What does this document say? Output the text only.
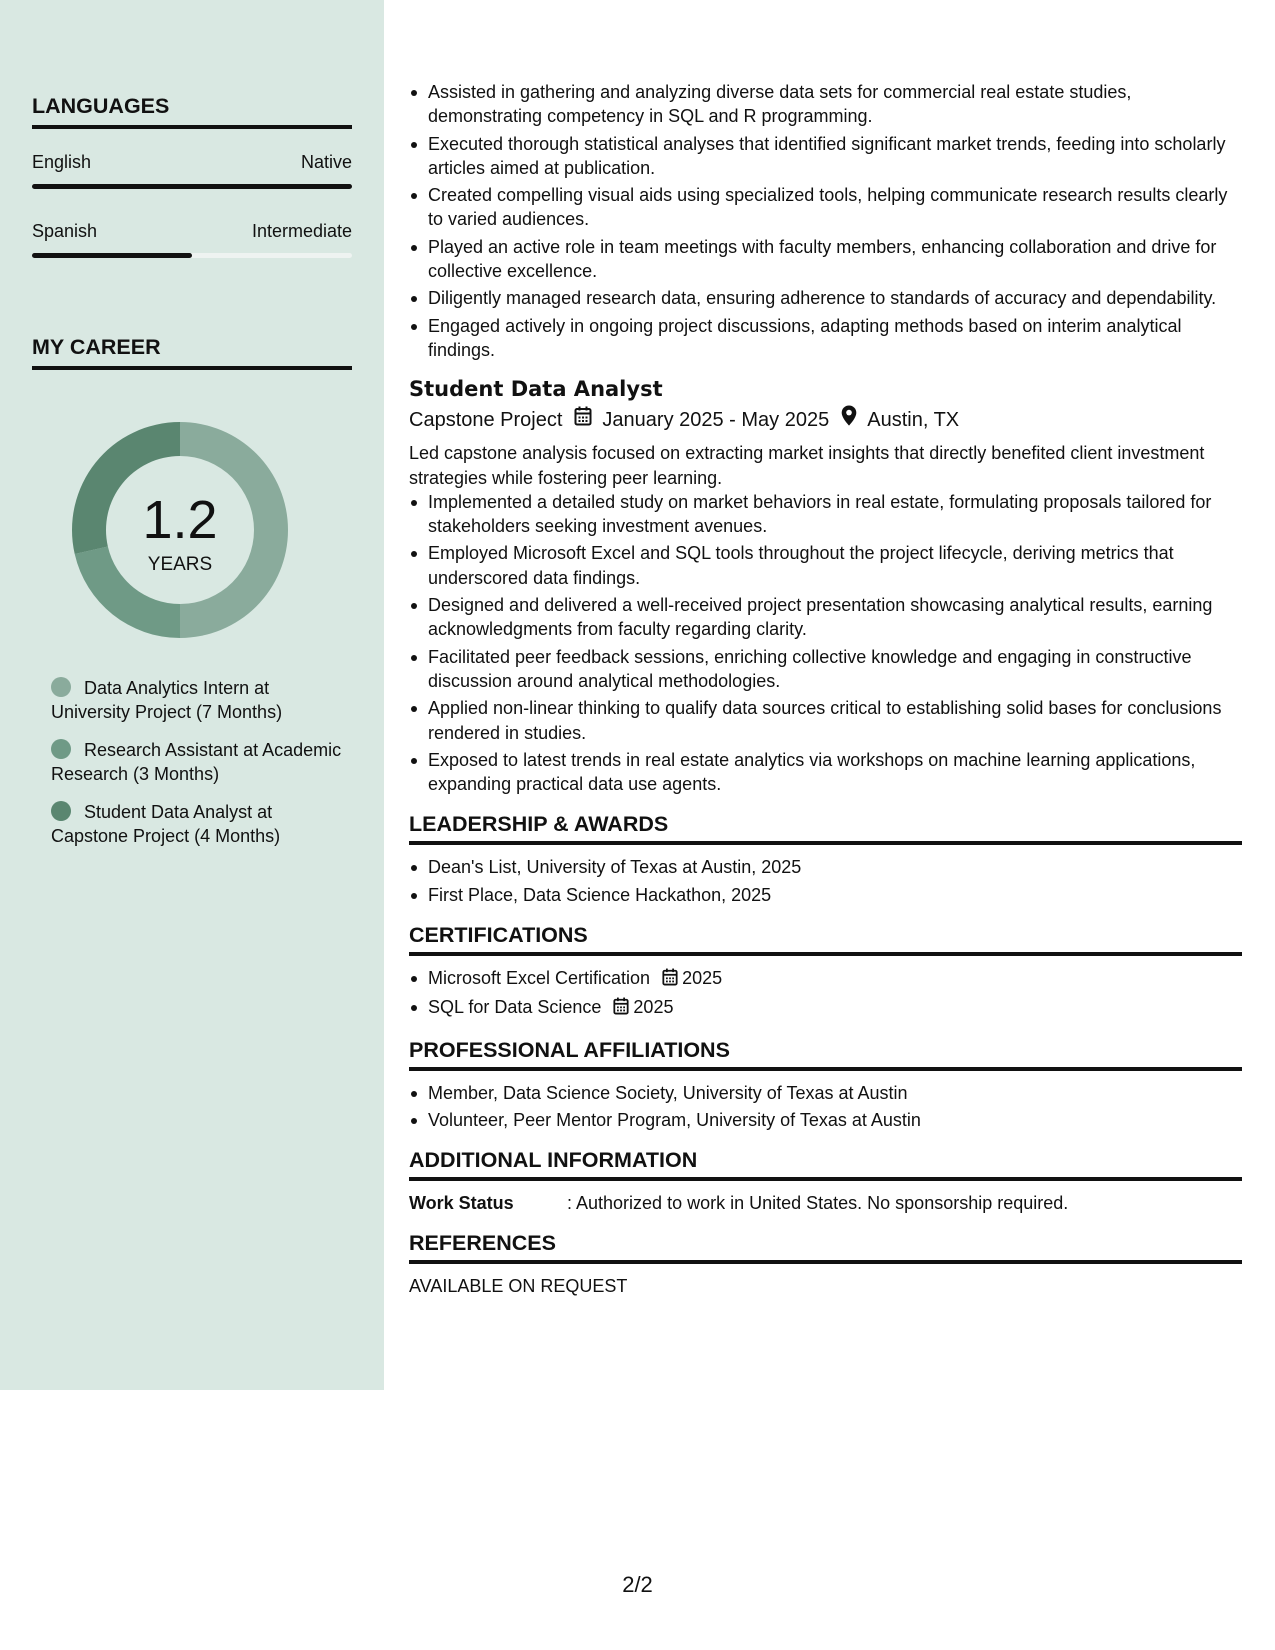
LANGUAGES
English	Native
Spanish	Intermediate
MY CAREER
1.2
YEARS
Data Analytics Intern at University Project (7 Months)
Research Assistant at Academic Research (3 Months)
Student Data Analyst at Capstone Project (4 Months)
Assisted in gathering and analyzing diverse data sets for commercial real estate studies, demonstrating competency in SQL and R programming.
Executed thorough statistical analyses that identified significant market trends, feeding into scholarly articles aimed at publication.
Created compelling visual aids using specialized tools, helping communicate research results clearly to varied audiences.
Played an active role in team meetings with faculty members, enhancing collaboration and drive for collective excellence.
Diligently managed research data, ensuring adherence to standards of accuracy and dependability.
Engaged actively in ongoing project discussions, adapting methods based on interim analytical findings.
Student Data Analyst
Capstone Project January 2025 - May 2025 Austin, TX
Led capstone analysis focused on extracting market insights that directly benefited client investment strategies while fostering peer learning.
Implemented a detailed study on market behaviors in real estate, formulating proposals tailored for stakeholders seeking investment avenues.
Employed Microsoft Excel and SQL tools throughout the project lifecycle, deriving metrics that underscored data findings.
Designed and delivered a well-received project presentation showcasing analytical results, earning acknowledgments from faculty regarding clarity.
Facilitated peer feedback sessions, enriching collective knowledge and engaging in constructive discussion around analytical methodologies.
Applied non-linear thinking to qualify data sources critical to establishing solid bases for conclusions rendered in studies.
Exposed to latest trends in real estate analytics via workshops on machine learning applications, expanding practical data use agents.
LEADERSHIP & AWARDS
Dean's List, University of Texas at Austin, 2025
First Place, Data Science Hackathon, 2025
CERTIFICATIONS
Microsoft Excel Certification 2025
SQL for Data Science 2025
PROFESSIONAL AFFILIATIONS
Member, Data Science Society, University of Texas at Austin
Volunteer, Peer Mentor Program, University of Texas at Austin
ADDITIONAL INFORMATION
Work Status	: Authorized to work in United States. No sponsorship required.
REFERENCES
AVAILABLE ON REQUEST
2/2
